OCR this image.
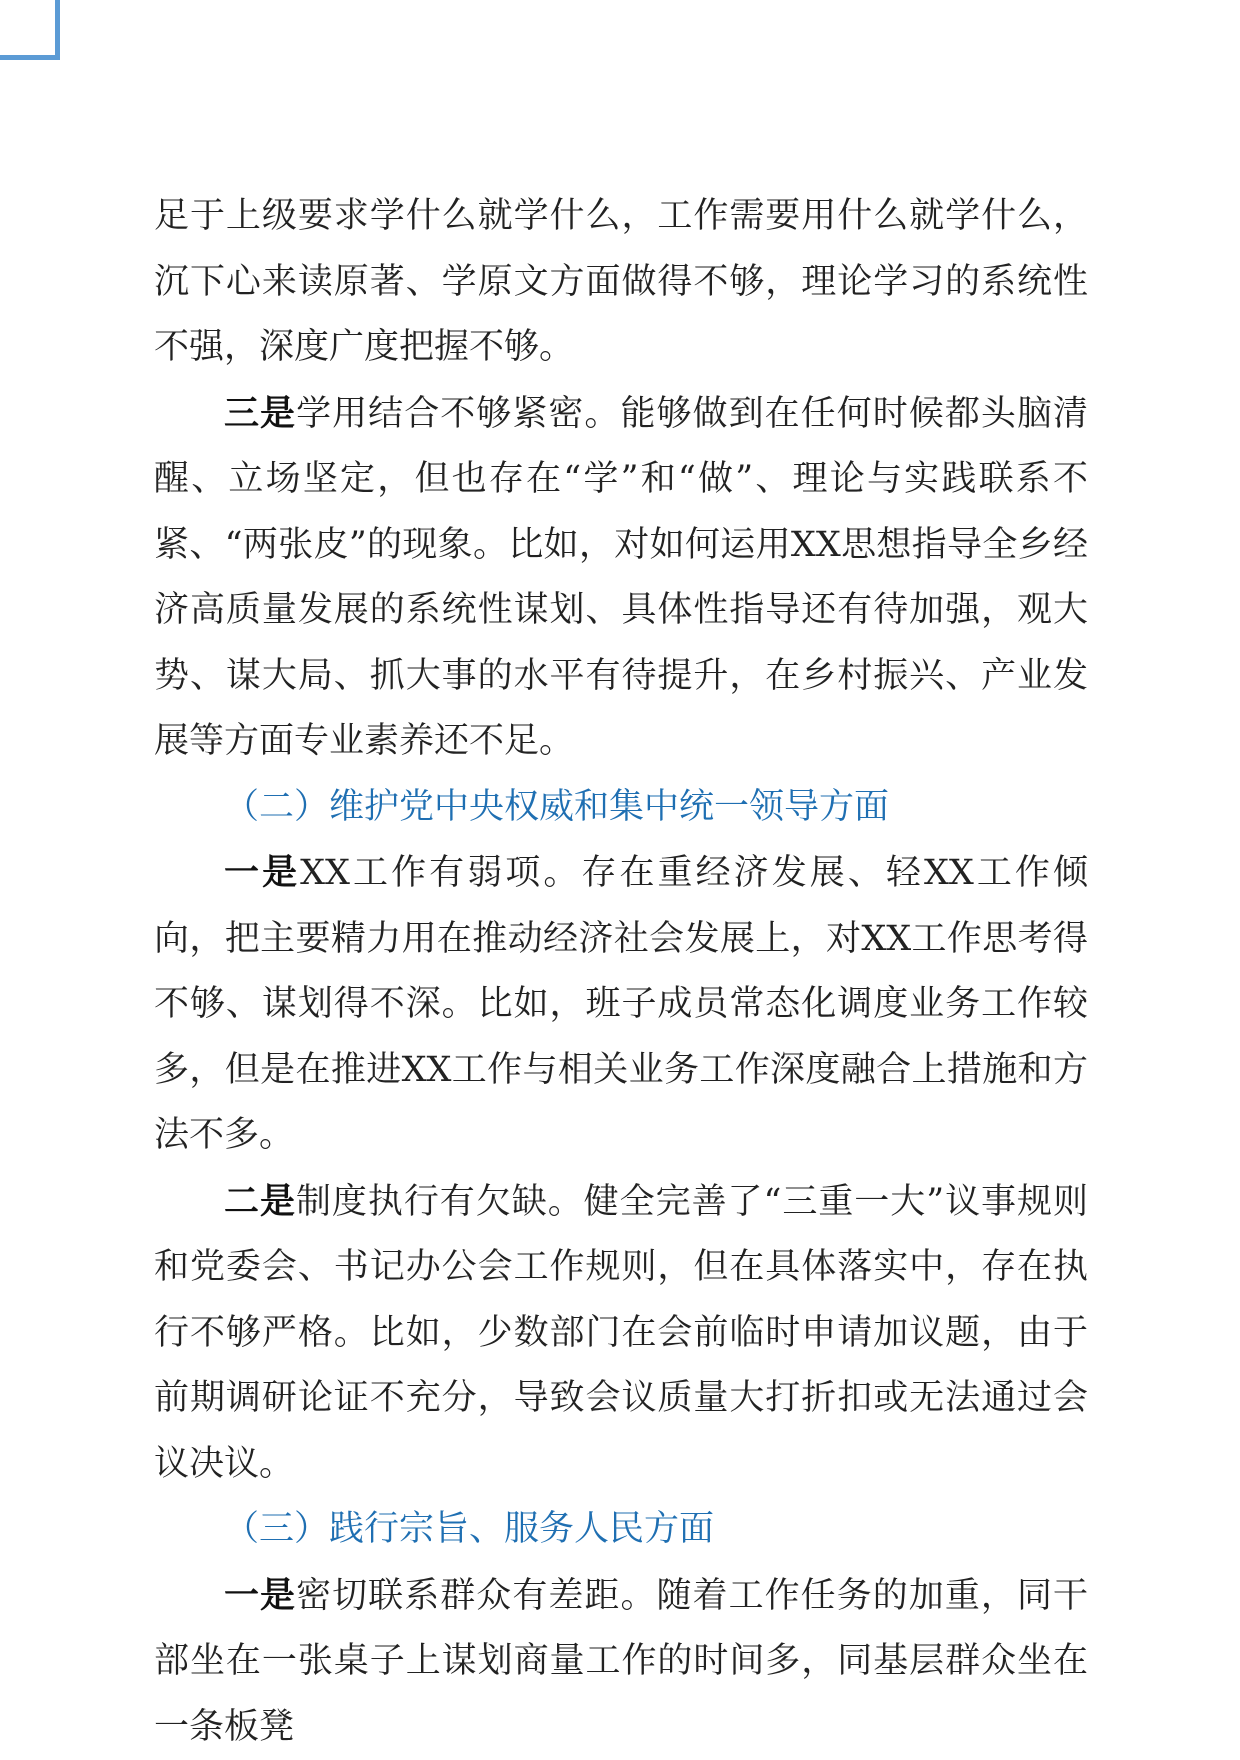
足于上级要求学什么就学什么，工作需要用什么就学什么，沉下心来读原著、学原文方面做得不够，理论学习的系统性不强，深度广度把握不够。

三是学用结合不够紧密。能够做到在任何时候都头脑清醒、立场坚定，但也存在“学”和“做”、理论与实践联系不紧、“两张皮”的现象。比如，对如何运用XX思想指导全乡经济高质量发展的系统性谋划、具体性指导还有待加强，观大势、谋大局、抓大事的水平有待提升，在乡村振兴、产业发展等方面专业素养还不足。

（二）维护党中央权威和集中统一领导方面

一是XX工作有弱项。存在重经济发展、轻XX工作倾向，把主要精力用在推动经济社会发展上，对XX工作思考得不够、谋划得不深。比如，班子成员常态化调度业务工作较多，但是在推进XX工作与相关业务工作深度融合上措施和方法不多。

二是制度执行有欠缺。健全完善了“三重一大”议事规则和党委会、书记办公会工作规则，但在具体落实中，存在执行不够严格。比如，少数部门在会前临时申请加议题，由于前期调研论证不充分，导致会议质量大打折扣或无法通过会议决议。

（三）践行宗旨、服务人民方面

一是密切联系群众有差距。随着工作任务的加重，同干部坐在一张桌子上谋划商量工作的时间多，同基层群众坐在一条板凳
